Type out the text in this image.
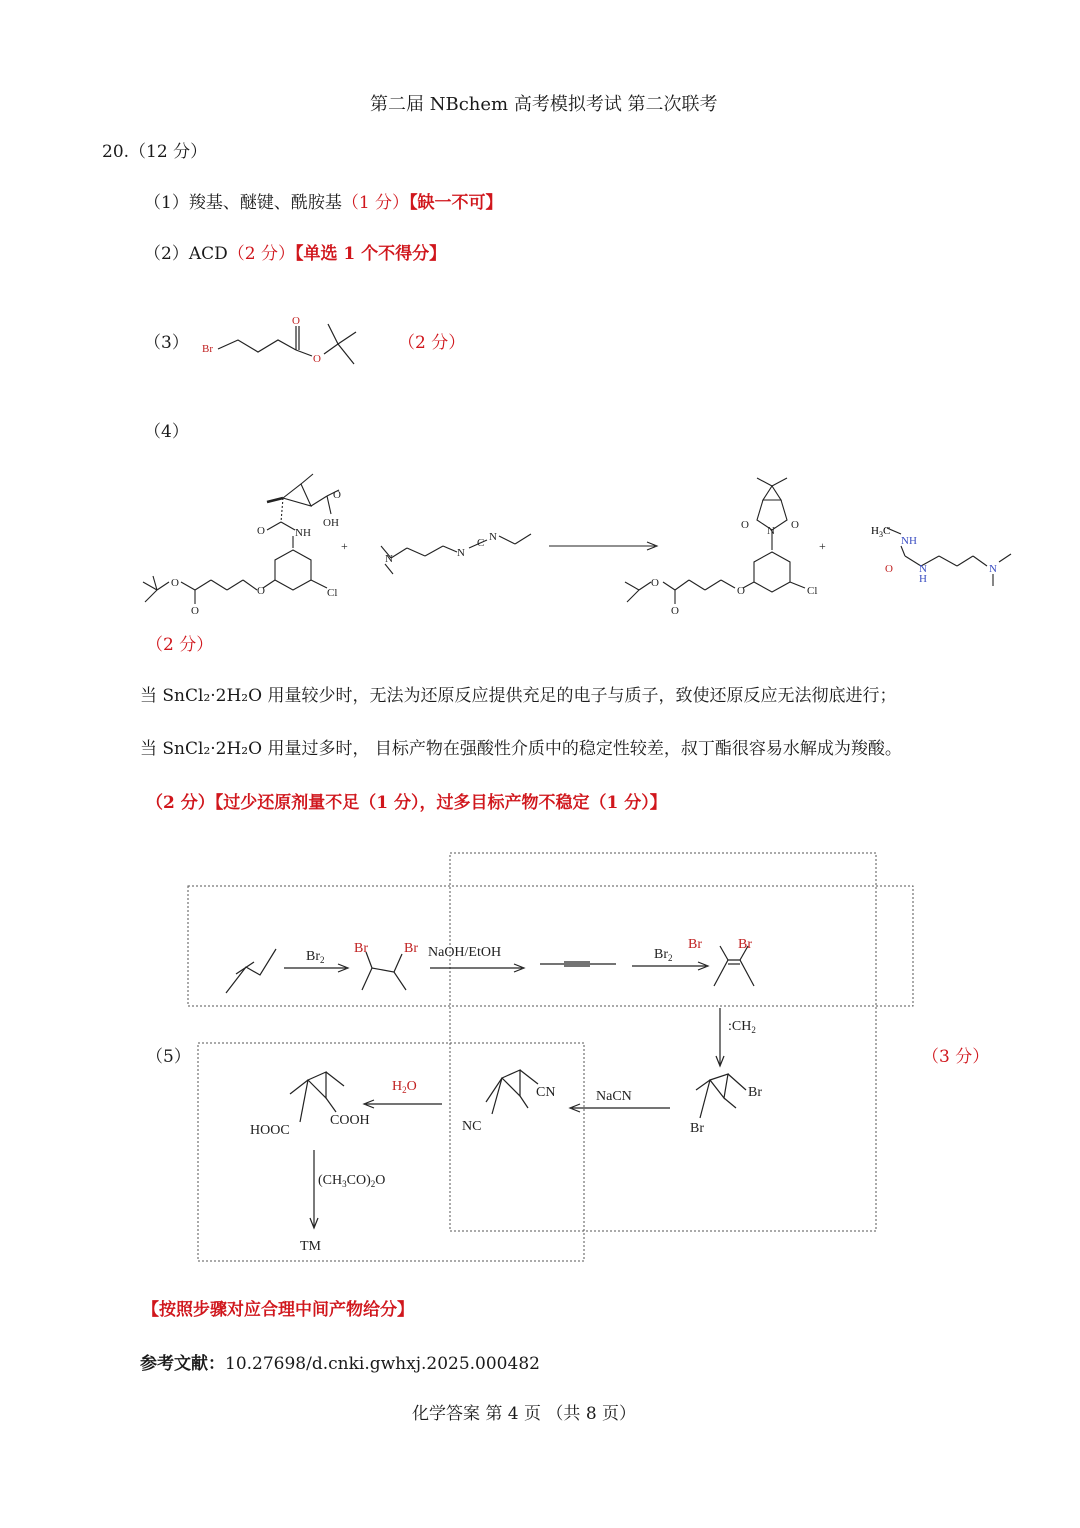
第二届 NBchem 高考模拟考试 第二次联考
20.（12 分）
（1）羧基、醚键、酰胺基（1 分）【缺一不可】
（2）ACD（2 分）【单选 1 个不得分】
（3） Br
O
O
（2 分）
（4）
OH
O
O	NH
Cl
O
O
O
N	N
C N
O N O
Cl
O
O
O
$H_3C$
NH
O N
H
N
+	+
（2 分）
当 SnCl₂·2H₂O 用量较少时，无法为还原反应提供充足的电子与质子，致使还原反应无法彻底进行；
当 SnCl₂·2H₂O 用量过多时， 目标产物在强酸性介质中的稳定性较差，叔丁酯很容易水解成为羧酸。
（2 分）【过少还原剂量不足（1 分），过多目标产物不稳定（1 分）】
（5）	（3 分）
$Br_2$
Br	Br NaOH/EtOH	$Br_2$
Br	Br
$:CH_2$
Br
Br
NaCN
CN
NC
$H_2O$
HOOC
COOH
$(CH_3CO)_2O$
TM
【按照步骤对应合理中间产物给分】
参考文献：10.27698/d.cnki.gwhxj.2025.000482
化学答案 第 4 页 （共 8 页）
